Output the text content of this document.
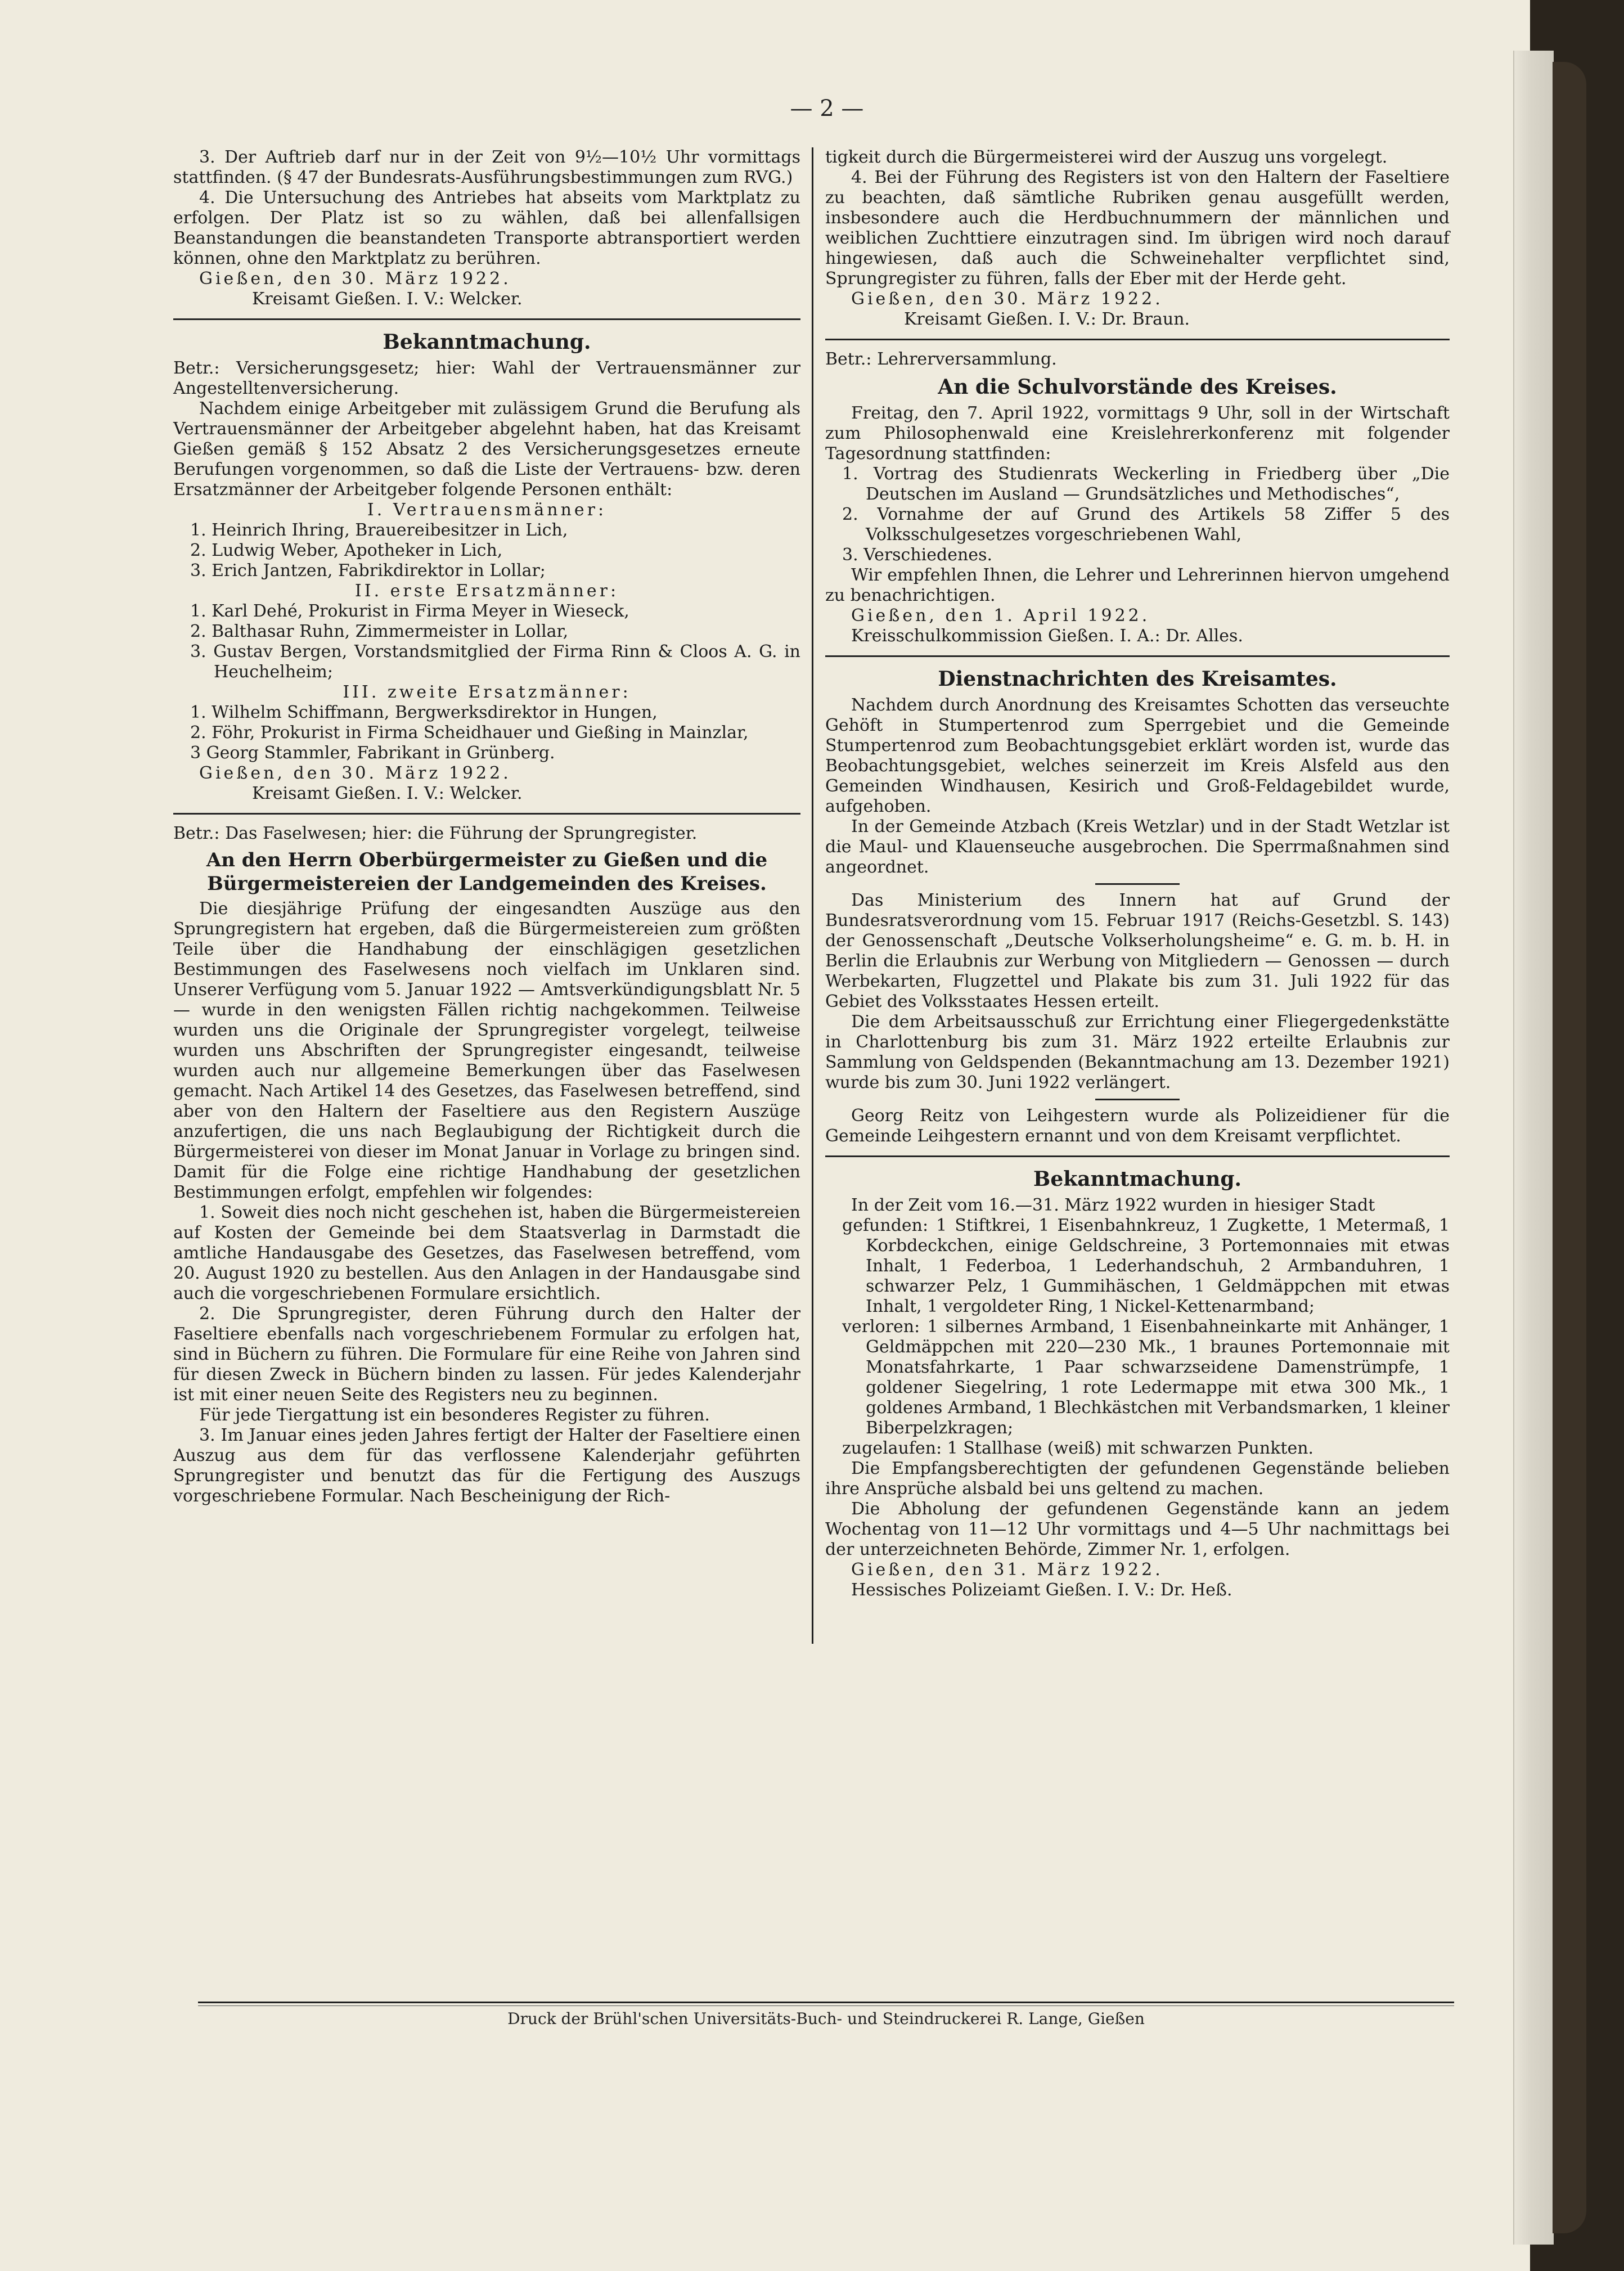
— 2 —

3. Der Auftrieb darf nur in der Zeit von 9½—10½ Uhr vormittags stattfinden. (§ 47 der Bundesrats-Ausführungsbestimmungen zum RVG.)

4. Die Untersuchung des Antriebes hat abseits vom Marktplatz zu erfolgen. Der Platz ist so zu wählen, daß bei allenfallsigen Beanstandungen die beanstandeten Transporte abtransportiert werden können, ohne den Marktplatz zu berühren.

Gießen, den 30. März 1922.

Kreisamt Gießen. I. V.: Welcker.

Bekanntmachung.

Betr.: Versicherungsgesetz; hier: Wahl der Vertrauensmänner zur Angestelltenversicherung.

Nachdem einige Arbeitgeber mit zulässigem Grund die Berufung als Vertrauensmänner der Arbeitgeber abgelehnt haben, hat das Kreisamt Gießen gemäß § 152 Absatz 2 des Versicherungsgesetzes erneute Berufungen vorgenommen, so daß die Liste der Vertrauens- bzw. deren Ersatzmänner der Arbeitgeber folgende Personen enthält:

I. Vertrauensmänner:

1. Heinrich Ihring, Brauereibesitzer in Lich,

2. Ludwig Weber, Apotheker in Lich,

3. Erich Jantzen, Fabrikdirektor in Lollar;

II. erste Ersatzmänner:

1. Karl Dehé, Prokurist in Firma Meyer in Wieseck,

2. Balthasar Ruhn, Zimmermeister in Lollar,

3. Gustav Bergen, Vorstandsmitglied der Firma Rinn & Cloos A. G. in Heuchelheim;

III. zweite Ersatzmänner:

1. Wilhelm Schiffmann, Bergwerksdirektor in Hungen,

2. Föhr, Prokurist in Firma Scheidhauer und Gießing in Mainzlar,

3 Georg Stammler, Fabrikant in Grünberg.

Gießen, den 30. März 1922.

Kreisamt Gießen. I. V.: Welcker.

Betr.: Das Faselwesen; hier: die Führung der Sprungregister.

An den Herrn Oberbürgermeister zu Gießen und die Bürgermeistereien der Landgemeinden des Kreises.

Die diesjährige Prüfung der eingesandten Auszüge aus den Sprungregistern hat ergeben, daß die Bürgermeistereien zum größten Teile über die Handhabung der einschlägigen gesetzlichen Bestimmungen des Faselwesens noch vielfach im Unklaren sind. Unserer Verfügung vom 5. Januar 1922 — Amtsverkündigungsblatt Nr. 5 — wurde in den wenigsten Fällen richtig nachgekommen. Teilweise wurden uns die Originale der Sprungregister vorgelegt, teilweise wurden uns Abschriften der Sprungregister eingesandt, teilweise wurden auch nur allgemeine Bemerkungen über das Faselwesen gemacht. Nach Artikel 14 des Gesetzes, das Faselwesen betreffend, sind aber von den Haltern der Faseltiere aus den Registern Auszüge anzufertigen, die uns nach Beglaubigung der Richtigkeit durch die Bürgermeisterei von dieser im Monat Januar in Vorlage zu bringen sind. Damit für die Folge eine richtige Handhabung der gesetzlichen Bestimmungen erfolgt, empfehlen wir folgendes:

1. Soweit dies noch nicht geschehen ist, haben die Bürgermeistereien auf Kosten der Gemeinde bei dem Staatsverlag in Darmstadt die amtliche Handausgabe des Gesetzes, das Faselwesen betreffend, vom 20. August 1920 zu bestellen. Aus den Anlagen in der Handausgabe sind auch die vorgeschriebenen Formulare ersichtlich.

2. Die Sprungregister, deren Führung durch den Halter der Faseltiere ebenfalls nach vorgeschriebenem Formular zu erfolgen hat, sind in Büchern zu führen. Die Formulare für eine Reihe von Jahren sind für diesen Zweck in Büchern binden zu lassen. Für jedes Kalenderjahr ist mit einer neuen Seite des Registers neu zu beginnen.

Für jede Tiergattung ist ein besonderes Register zu führen.

3. Im Januar eines jeden Jahres fertigt der Halter der Faseltiere einen Auszug aus dem für das verflossene Kalenderjahr geführten Sprungregister und benutzt das für die Fertigung des Auszugs vorgeschriebene Formular. Nach Bescheinigung der Rich-

tigkeit durch die Bürgermeisterei wird der Auszug uns vorgelegt.

4. Bei der Führung des Registers ist von den Haltern der Faseltiere zu beachten, daß sämtliche Rubriken genau ausgefüllt werden, insbesondere auch die Herdbuchnummern der männlichen und weiblichen Zuchttiere einzutragen sind. Im übrigen wird noch darauf hingewiesen, daß auch die Schweinehalter verpflichtet sind, Sprungregister zu führen, falls der Eber mit der Herde geht.

Gießen, den 30. März 1922.

Kreisamt Gießen. I. V.: Dr. Braun.

Betr.: Lehrerversammlung.

An die Schulvorstände des Kreises.

Freitag, den 7. April 1922, vormittags 9 Uhr, soll in der Wirtschaft zum Philosophenwald eine Kreislehrerkonferenz mit folgender Tagesordnung stattfinden:

1. Vortrag des Studienrats Weckerling in Friedberg über „Die Deutschen im Ausland — Grundsätzliches und Methodisches“,

2. Vornahme der auf Grund des Artikels 58 Ziffer 5 des Volksschulgesetzes vorgeschriebenen Wahl,

3. Verschiedenes.

Wir empfehlen Ihnen, die Lehrer und Lehrerinnen hiervon umgehend zu benachrichtigen.

Gießen, den 1. April 1922.

Kreisschulkommission Gießen. I. A.: Dr. Alles.

Dienstnachrichten des Kreisamtes.

Nachdem durch Anordnung des Kreisamtes Schotten das verseuchte Gehöft in Stumpertenrod zum Sperrgebiet und die Gemeinde Stumpertenrod zum Beobachtungsgebiet erklärt worden ist, wurde das Beobachtungsgebiet, welches seinerzeit im Kreis Alsfeld aus den Gemeinden Windhausen, Kesirich und Groß-Feldagebildet wurde, aufgehoben.

In der Gemeinde Atzbach (Kreis Wetzlar) und in der Stadt Wetzlar ist die Maul- und Klauenseuche ausgebrochen. Die Sperrmaßnahmen sind angeordnet.

Das Ministerium des Innern hat auf Grund der Bundesratsverordnung vom 15. Februar 1917 (Reichs-Gesetzbl. S. 143) der Genossenschaft „Deutsche Volkserholungsheime“ e. G. m. b. H. in Berlin die Erlaubnis zur Werbung von Mitgliedern — Genossen — durch Werbekarten, Flugzettel und Plakate bis zum 31. Juli 1922 für das Gebiet des Volksstaates Hessen erteilt.

Die dem Arbeitsausschuß zur Errichtung einer Fliegergedenkstätte in Charlottenburg bis zum 31. März 1922 erteilte Erlaubnis zur Sammlung von Geldspenden (Bekanntmachung am 13. Dezember 1921) wurde bis zum 30. Juni 1922 verlängert.

Georg Reitz von Leihgestern wurde als Polizeidiener für die Gemeinde Leihgestern ernannt und von dem Kreisamt verpflichtet.

Bekanntmachung.

In der Zeit vom 16.—31. März 1922 wurden in hiesiger Stadt

gefunden: 1 Stiftkrei, 1 Eisenbahnkreuz, 1 Zugkette, 1 Metermaß, 1 Korbdeckchen, einige Geldschreine, 3 Portemonnaies mit etwas Inhalt, 1 Federboa, 1 Lederhandschuh, 2 Armbanduhren, 1 schwarzer Pelz, 1 Gummihäschen, 1 Geldmäppchen mit etwas Inhalt, 1 vergoldeter Ring, 1 Nickel-Kettenarmband;

verloren: 1 silbernes Armband, 1 Eisenbahneinkarte mit Anhänger, 1 Geldmäppchen mit 220—230 Mk., 1 braunes Portemonnaie mit Monatsfahrkarte, 1 Paar schwarzseidene Damenstrümpfe, 1 goldener Siegelring, 1 rote Ledermappe mit etwa 300 Mk., 1 goldenes Armband, 1 Blechkästchen mit Verbandsmarken, 1 kleiner Biberpelzkragen;

zugelaufen: 1 Stallhase (weiß) mit schwarzen Punkten.

Die Empfangsberechtigten der gefundenen Gegenstände belieben ihre Ansprüche alsbald bei uns geltend zu machen.

Die Abholung der gefundenen Gegenstände kann an jedem Wochentag von 11—12 Uhr vormittags und 4—5 Uhr nachmittags bei der unterzeichneten Behörde, Zimmer Nr. 1, erfolgen.

Gießen, den 31. März 1922.

Hessisches Polizeiamt Gießen. I. V.: Dr. Heß.

Druck der Brühl'schen Universitäts-Buch- und Steindruckerei R. Lange, Gießen
